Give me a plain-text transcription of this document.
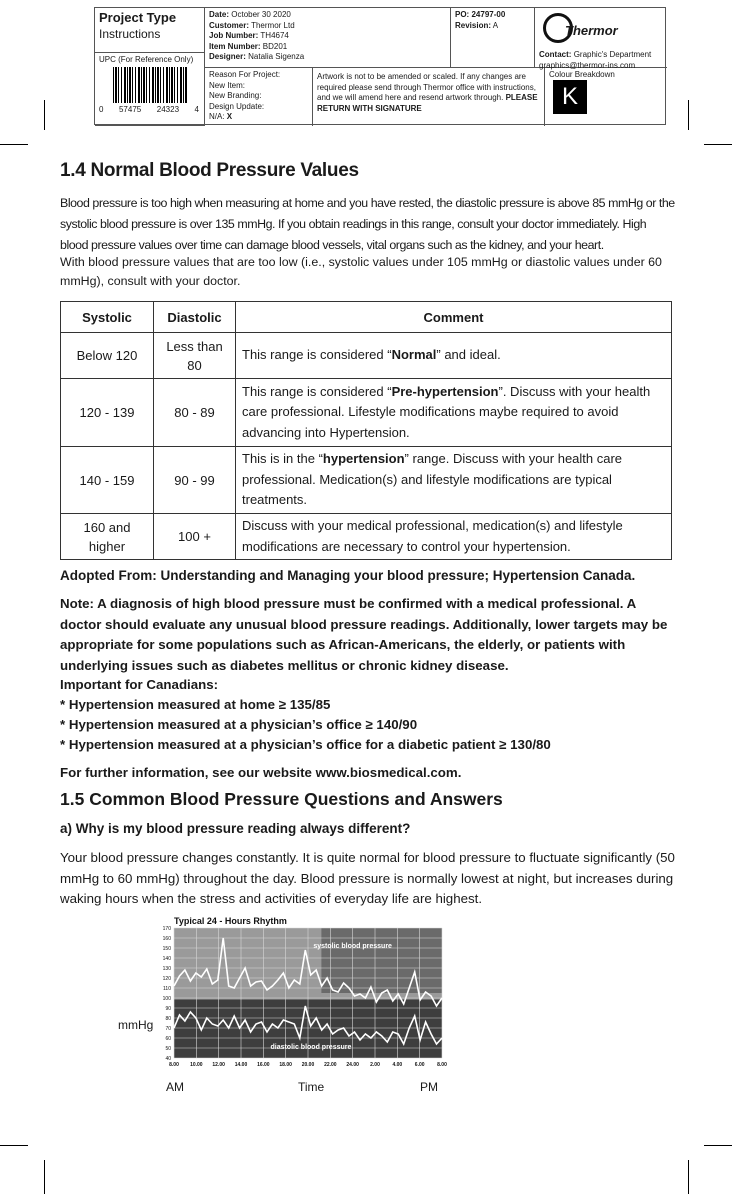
Project Type
Instructions
UPC (For Reference Only)
0 57475 24323 4
Date: October 30 2020
Customer: Thermor Ltd
Job Number: TH4674
Item Number: BD201
Designer: Natalia Sigenza
PO: 24797-00
Revision: A	Thermor
Contact: Graphic's Department
graphics@thermor-ins.com
Reason For Project:
New Item:
New Branding:
Design Update:
N/A: X
Artwork is not to be amended or scaled. If any changes are required please send through Thermor office with instructions, and we will amend here and resend artwork through. PLEASE RETURN WITH SIGNATURE
Colour Breakdown
K
1.4 Normal Blood Pressure Values
Blood pressure is too high when measuring at home and you have rested, the diastolic pressure is above 85 mmHg or the systolic blood pressure is over 135 mmHg. If you obtain readings in this range, consult your doctor immediately. High blood pressure values over time can damage blood vessels, vital organs such as the kidney, and your heart.
With blood pressure values that are too low (i.e., systolic values under 105 mmHg or diastolic values under 60 mmHg), consult with your doctor.
Systolic	Diastolic	Comment
Below 120	Less than 80	This range is considered “Normal” and ideal.
120 - 139	80 - 89	This range is considered “Pre-hypertension”. Discuss with your health care professional. Lifestyle modifications maybe required to avoid advancing into Hypertension.
140 - 159	90 - 99	This is in the “hypertension” range. Discuss with your health care professional. Medication(s) and lifestyle modifications are typical treatments.
160 and higher	100 +	Discuss with your medical professional, medication(s) and lifestyle modifications are necessary to control your hypertension.
Adopted From: Understanding and Managing your blood pressure; Hypertension Canada.
Note: A diagnosis of high blood pressure must be confirmed with a medical professional. A doctor should evaluate any unusual blood pressure readings. Additionally, lower targets may be appropriate for some populations such as African-Americans, the elderly, or patients with underlying issues such as diabetes mellitus or chronic kidney disease.
Important for Canadians:
* Hypertension measured at home ≥ 135/85
* Hypertension measured at a physician’s office ≥ 140/90
* Hypertension measured at a physician’s office for a diabetic patient ≥ 130/80
For further information, see our website www.biosmedical.com.
1.5 Common Blood Pressure Questions and Answers
a) Why is my blood pressure reading always different?
Your blood pressure changes constantly. It is quite normal for blood pressure to fluctuate significantly (50 mmHg to 60 mmHg) throughout the day. Blood pressure is normally lowest at night, but increases during waking hours when the stress and activities of everyday life are highest.
40
50
60
70
80
90
100
110
120
130
140
150
160
170
8.00 10.00 12.00 14.00 16.00 18.00 20.00 22.00 24.00 2.00	4.00	6.00	8.00
Typical 24 - Hours Rhythm
systolic blood pressure
diastolic blood pressure
mmHg
AM	Time	PM
